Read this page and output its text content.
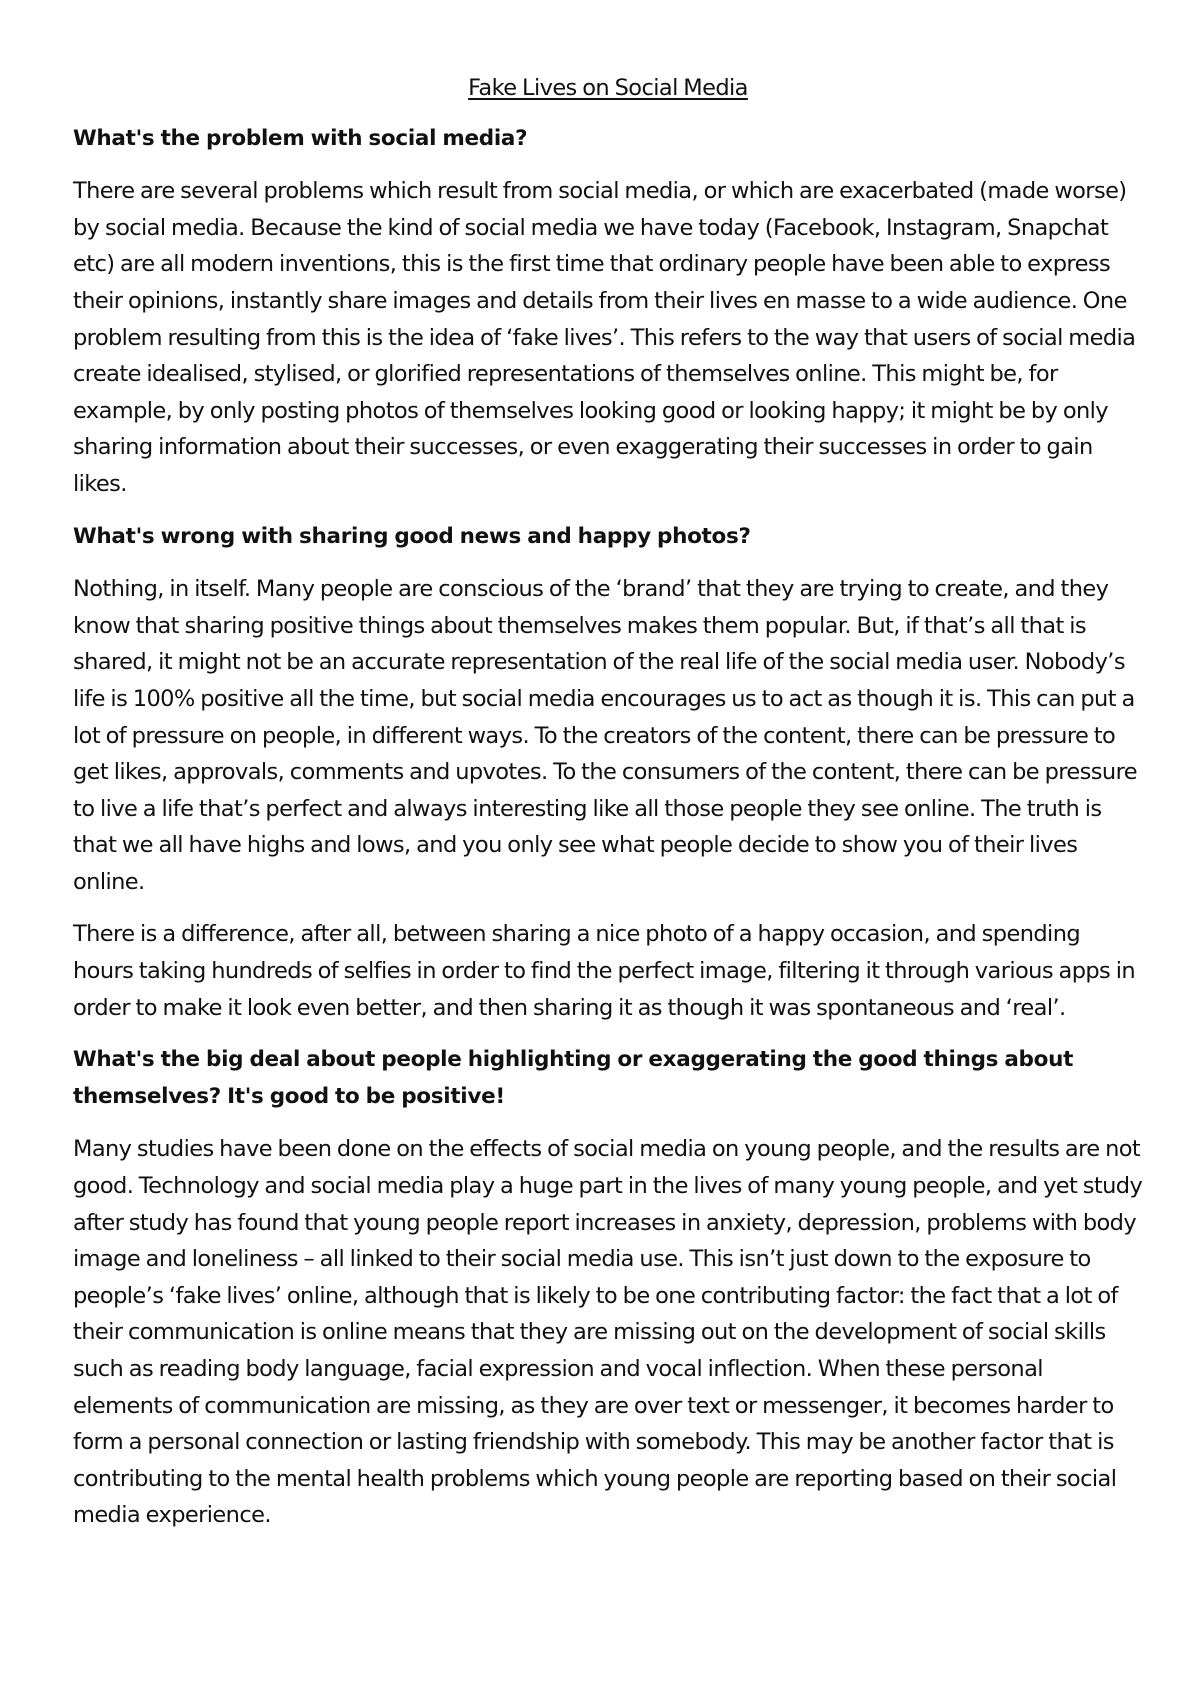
Fake Lives on Social Media
What's the problem with social media?

There are several problems which result from social media, or which are exacerbated (made worse) by social media. Because the kind of social media we have today (Facebook, Instagram, Snapchat etc) are all modern inventions, this is the first time that ordinary people have been able to express their opinions, instantly share images and details from their lives en masse to a wide audience. One problem resulting from this is the idea of ‘fake lives’. This refers to the way that users of social media create idealised, stylised, or glorified representations of themselves online. This might be, for example, by only posting photos of themselves looking good or looking happy; it might be by only sharing information about their successes, or even exaggerating their successes in order to gain likes.

What's wrong with sharing good news and happy photos?

Nothing, in itself. Many people are conscious of the ‘brand’ that they are trying to create, and they know that sharing positive things about themselves makes them popular. But, if that’s all that is shared, it might not be an accurate representation of the real life of the social media user. Nobody’s life is 100% positive all the time, but social media encourages us to act as though it is. This can put a lot of pressure on people, in different ways. To the creators of the content, there can be pressure to get likes, approvals, comments and upvotes. To the consumers of the content, there can be pressure to live a life that’s perfect and always interesting like all those people they see online. The truth is that we all have highs and lows, and you only see what people decide to show you of their lives online.

There is a difference, after all, between sharing a nice photo of a happy occasion, and spending hours taking hundreds of selfies in order to find the perfect image, filtering it through various apps in order to make it look even better, and then sharing it as though it was spontaneous and ‘real’.

What's the big deal about people highlighting or exaggerating the good things about themselves? It's good to be positive!

Many studies have been done on the effects of social media on young people, and the results are not good. Technology and social media play a huge part in the lives of many young people, and yet study after study has found that young people report increases in anxiety, depression, problems with body image and loneliness – all linked to their social media use. This isn’t just down to the exposure to people’s ‘fake lives’ online, although that is likely to be one contributing factor: the fact that a lot of their communication is online means that they are missing out on the development of social skills such as reading body language, facial expression and vocal inflection. When these personal elements of communication are missing, as they are over text or messenger, it becomes harder to form a personal connection or lasting friendship with somebody. This may be another factor that is contributing to the mental health problems which young people are reporting based on their social media experience.
